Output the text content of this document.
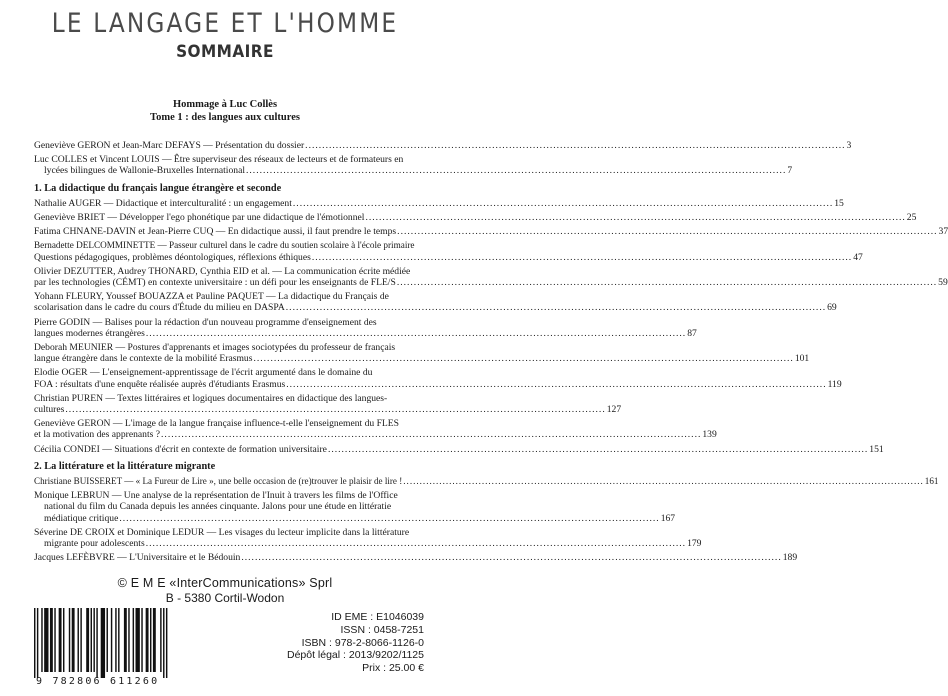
LE LANGAGE ET L'HOMME
SOMMAIRE
Hommage à Luc Collès
Tome 1 : des langues aux cultures
Geneviève GERON et Jean-Marc DEFAYS — Présentation du dossier .....	3
Luc COLLES et Vincent LOUIS — Être superviseur des réseaux de lecteurs et de formateurs en
lycées bilingues de Wallonie-Bruxelles International .....	7
1. La didactique du français langue étrangère et seconde
Nathalie AUGER — Didactique et interculturalité : un engagement .....	15
Geneviève BRIET — Développer l'ego phonétique par une didactique de l'émotionnel .....	25
Fatima CHNANE-DAVIN et Jean-Pierre CUQ — En didactique aussi, il faut prendre le temps .....	37
Bernadette DELCOMMINETTE — Passeur culturel dans le cadre du soutien scolaire à l'école primaire
Questions pédagogiques, problèmes déontologiques, réflexions éthiques .....	47
Olivier DEZUTTER, Audrey THONARD, Cynthia EID et al. — La communication écrite médiée
par les technologies (CÉMT) en contexte universitaire : un défi pour les enseignants de FLE/S .....	59
Yohann FLEURY, Youssef BOUAZZA et Pauline PAQUET — La didactique du Français de
scolarisation dans le cadre du cours d'Étude du milieu en DASPA .....	69
Pierre GODIN — Balises pour la rédaction d'un nouveau programme d'enseignement des
langues modernes étrangères .....	87
Deborah MEUNIER — Postures d'apprenants et images sociotypées du professeur de français
langue étrangère dans le contexte de la mobilité Erasmus .....	101
Elodie OGER — L'enseignement-apprentissage de l'écrit argumenté dans le domaine du
FOA : résultats d'une enquête réalisée auprès d'étudiants Erasmus .....	119
Christian PUREN — Textes littéraires et logiques documentaires en didactique des langues-
cultures .....	127
Geneviève GERON — L'image de la langue française influence-t-elle l'enseignement du FLES
et la motivation des apprenants ? .....	139
Cécilia CONDEI — Situations d'écrit en contexte de formation universitaire .....	151
2. La littérature et la littérature migrante
Christiane BUISSERET — « La Fureur de Lire », une belle occasion de (re)trouver le plaisir de lire ! .....	161
Monique LEBRUN — Une analyse de la représentation de l'Inuit à travers les films de l'Office
national du film du Canada depuis les années cinquante. Jalons pour une étude en littératie
médiatique critique .....	167
Séverine DE CROIX et Dominique LEDUR — Les visages du lecteur implicite dans la littérature
migrante pour adolescents .....	179
Jacques LEFÈBVRE — L'Universitaire et le Bédouin .....	189
© E M E «InterCommunications» Sprl
B - 5380 Cortil-Wodon
9 782806 611260
ID EME : E1046039
ISSN : 0458-7251
ISBN : 978-2-8066-1126-0
Dépôt légal : 2013/9202/1125
Prix : 25.00 €
